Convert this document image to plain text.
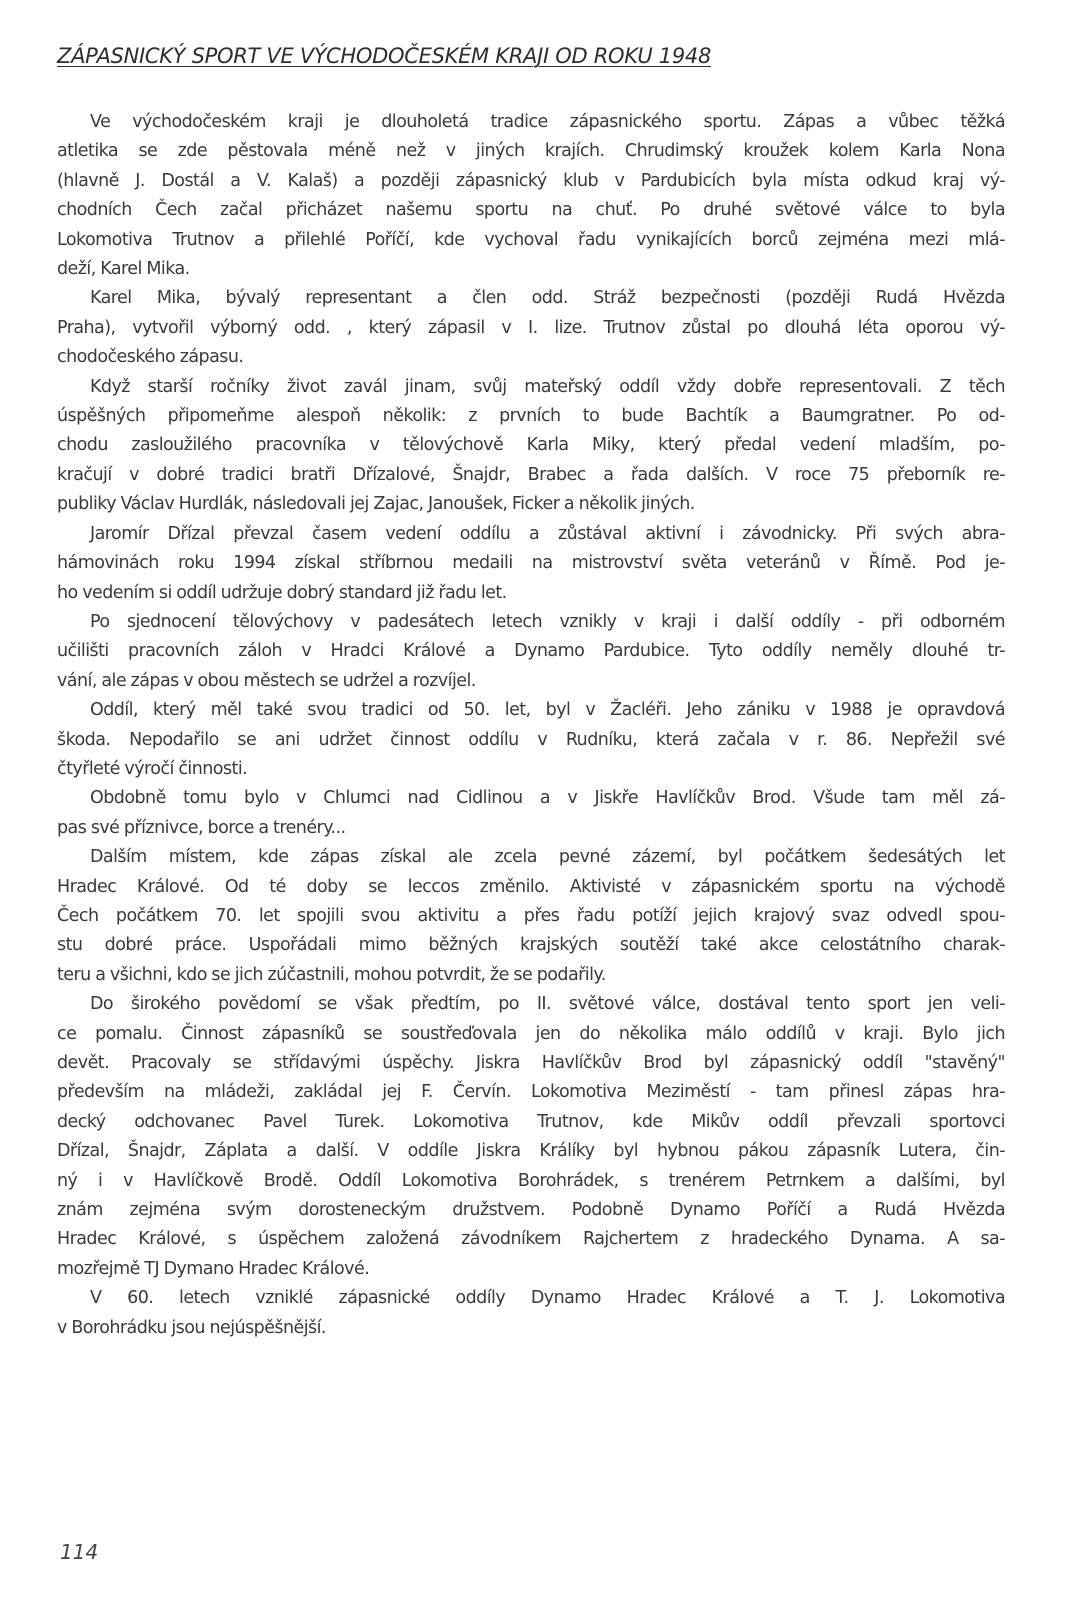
ZÁPASNICKÝ SPORT VE VÝCHODOČESKÉM KRAJI OD ROKU 1948

Ve východočeském kraji je dlouholetá tradice zápasnického sportu. Zápas a vůbec těžká
atletika se zde pěstovala méně než v jiných krajích. Chrudimský kroužek kolem Karla Nona
(hlavně J. Dostál a V. Kalaš) a později zápasnický klub v Pardubicích byla místa odkud kraj vý-
chodních Čech začal přicházet našemu sportu na chuť. Po druhé světové válce to byla
Lokomotiva Trutnov a přilehlé Poříčí, kde vychoval řadu vynikajících borců zejména mezi mlá-
deží, Karel Mika.

Karel Mika, bývalý representant a člen odd. Stráž bezpečnosti (později Rudá Hvězda
Praha), vytvořil výborný odd. , který zápasil v I. lize. Trutnov zůstal po dlouhá léta oporou vý-
chodočeského zápasu.

Když starší ročníky život zavál jinam, svůj mateřský oddíl vždy dobře representovali. Z těch
úspěšných připomeňme alespoň několik: z prvních to bude Bachtík a Baumgratner. Po od-
chodu zasloužilého pracovníka v tělovýchově Karla Miky, který předal vedení mladším, po-
kračují v dobré tradici bratři Dřízalové, Šnajdr, Brabec a řada dalších. V roce 75 přeborník re-
publiky Václav Hurdlák, následovali jej Zajac, Janoušek, Ficker a několik jiných.

Jaromír Dřízal převzal časem vedení oddílu a zůstával aktivní i závodnicky. Při svých abra-
hámovinách roku 1994 získal stříbrnou medaili na mistrovství světa veteránů v Římě. Pod je-
ho vedením si oddíl udržuje dobrý standard již řadu let.

Po sjednocení tělovýchovy v padesátech letech vznikly v kraji i další oddíly - při odborném
učilišti pracovních záloh v Hradci Králové a Dynamo Pardubice. Tyto oddíly neměly dlouhé tr-
vání, ale zápas v obou městech se udržel a rozvíjel.

Oddíl, který měl také svou tradici od 50. let, byl v Žacléři. Jeho zániku v 1988 je opravdová
škoda. Nepodařilo se ani udržet činnost oddílu v Rudníku, která začala v r. 86. Nepřežil své
čtyřleté výročí činnosti.

Obdobně tomu bylo v Chlumci nad Cidlinou a v Jiskře Havlíčkův Brod. Všude tam měl zá-
pas své příznivce, borce a trenéry...

Dalším místem, kde zápas získal ale zcela pevné zázemí, byl počátkem šedesátých let
Hradec Králové. Od té doby se leccos změnilo. Aktivisté v zápasnickém sportu na východě
Čech počátkem 70. let spojili svou aktivitu a přes řadu potíží jejich krajový svaz odvedl spou-
stu dobré práce. Uspořádali mimo běžných krajských soutěží také akce celostátního charak-
teru a všichni, kdo se jich zúčastnili, mohou potvrdit, že se podařily.

Do širokého povědomí se však předtím, po II. světové válce, dostával tento sport jen veli-
ce pomalu. Činnost zápasníků se soustřeďovala jen do několika málo oddílů v kraji. Bylo jich
devět. Pracovaly se střídavými úspěchy. Jiskra Havlíčkův Brod byl zápasnický oddíl "stavěný"
především na mládeži, zakládal jej F. Červín. Lokomotiva Meziměstí - tam přinesl zápas hra-
decký odchovanec Pavel Turek. Lokomotiva Trutnov, kde Mikův oddíl převzali sportovci
Dřízal, Šnajdr, Záplata a další. V oddíle Jiskra Králíky byl hybnou pákou zápasník Lutera, čin-
ný i v Havlíčkově Brodě. Oddíl Lokomotiva Borohrádek, s trenérem Petrnkem a dalšími, byl
znám zejména svým dorosteneckým družstvem. Podobně Dynamo Poříčí a Rudá Hvězda
Hradec Králové, s úspěchem založená závodníkem Rajchertem z hradeckého Dynama. A sa-
mozřejmě TJ Dymano Hradec Králové.

V 60. letech vzniklé zápasnické oddíly Dynamo Hradec Králové a T. J. Lokomotiva
v Borohrádku jsou nejúspěšnější.

114
